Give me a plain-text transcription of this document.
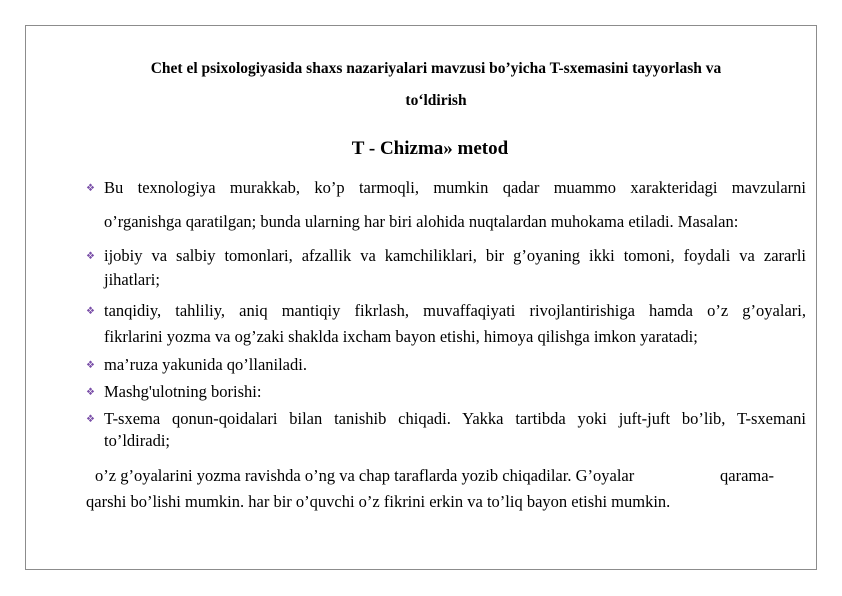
Chet el psixologiyasida shaxs nazariyalari mavzusi bo’yicha T-sxemasini tayyorlash va

to‘ldirish

T - Chizma» metod

❖ Bu texnologiya murakkab, ko’p tarmoqli, mumkin qadar muammo xarakteridagi mavzularni
o’rganishga qaratilgan; bunda ularning har biri alohida nuqtalardan muhokama etiladi. Masalan:
❖ ijobiy va salbiy tomonlari, afzallik va kamchiliklari, bir g’oyaning ikki tomoni, foydali va zararli
jihatlari;
❖ tanqidiy, tahliliy, aniq mantiqiy fikrlash, muvaffaqiyati rivojlantirishiga hamda o’z g’oyalari,
fikrlarini yozma va og’zaki shaklda ixcham bayon etishi, himoya qilishga imkon yaratadi;
❖ ma’ruza yakunida qo’llaniladi.
❖ Mashg'ulotning borishi:
❖ T-sxema qonun-qoidalari bilan tanishib chiqadi. Yakka tartibda yoki juft-juft bo’lib, T-sxemani
to’ldiradi;
o’z g’oyalarini yozma ravishda o’ng va chap taraflarda yozib chiqadilar. G’oyalar	qarama-
qarshi bo’lishi mumkin. har bir o’quvchi o’z fikrini erkin va to’liq bayon etishi mumkin.
